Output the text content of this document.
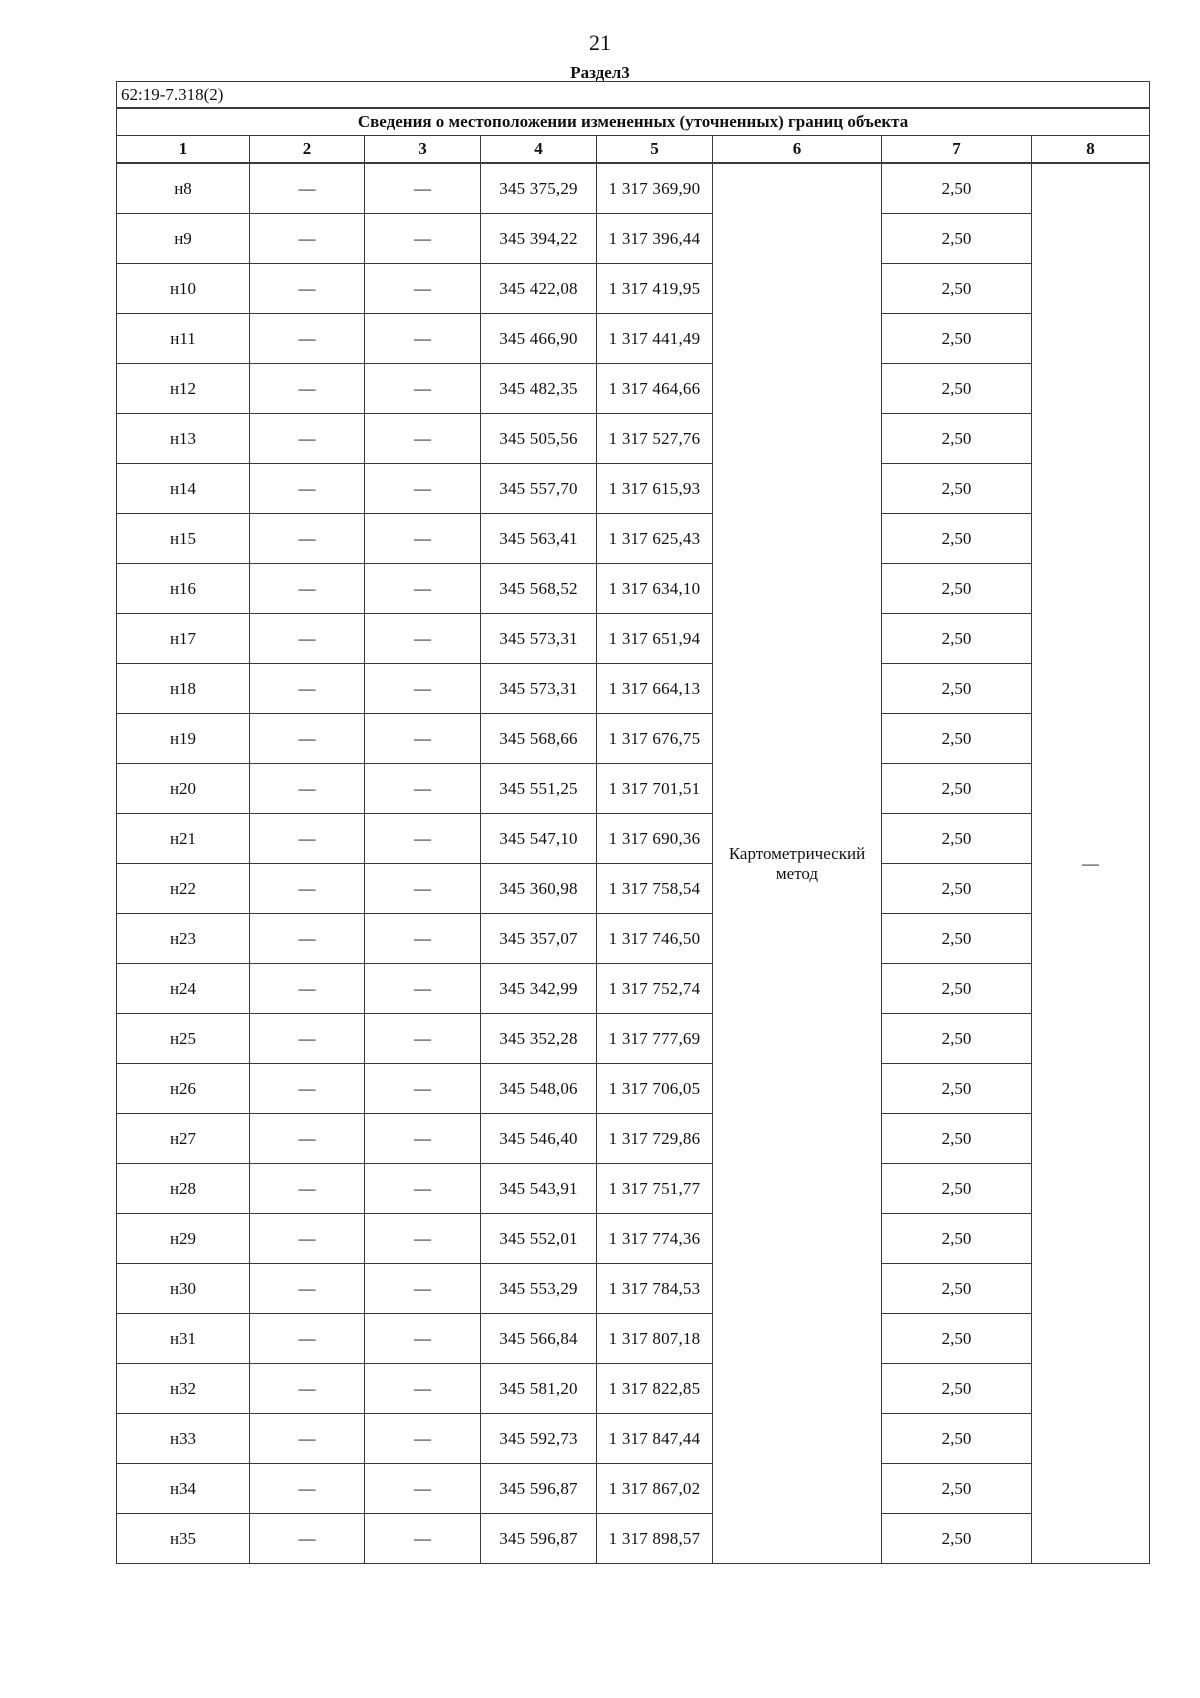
21
Раздел3
62:19-7.318(2)							
Сведения о местоположении измененных (уточненных) границ объекта							
1	2	3	4	5	6	7	8
н8	—	—	345 375,29	1 317 369,90	Картометрический метод	2,50	—
н9	—	—	345 394,22	1 317 396,44		2,50	
н10	—	—	345 422,08	1 317 419,95		2,50	
н11	—	—	345 466,90	1 317 441,49		2,50	
н12	—	—	345 482,35	1 317 464,66		2,50	
н13	—	—	345 505,56	1 317 527,76		2,50	
н14	—	—	345 557,70	1 317 615,93		2,50	
н15	—	—	345 563,41	1 317 625,43		2,50	
н16	—	—	345 568,52	1 317 634,10		2,50	
н17	—	—	345 573,31	1 317 651,94		2,50	
н18	—	—	345 573,31	1 317 664,13		2,50	
н19	—	—	345 568,66	1 317 676,75		2,50	
н20	—	—	345 551,25	1 317 701,51		2,50	
н21	—	—	345 547,10	1 317 690,36		2,50	
н22	—	—	345 360,98	1 317 758,54		2,50	
н23	—	—	345 357,07	1 317 746,50		2,50	
н24	—	—	345 342,99	1 317 752,74		2,50	
н25	—	—	345 352,28	1 317 777,69		2,50	
н26	—	—	345 548,06	1 317 706,05		2,50	
н27	—	—	345 546,40	1 317 729,86		2,50	
н28	—	—	345 543,91	1 317 751,77		2,50	
н29	—	—	345 552,01	1 317 774,36		2,50	
н30	—	—	345 553,29	1 317 784,53		2,50	
н31	—	—	345 566,84	1 317 807,18		2,50	
н32	—	—	345 581,20	1 317 822,85		2,50	
н33	—	—	345 592,73	1 317 847,44		2,50	
н34	—	—	345 596,87	1 317 867,02		2,50	
н35	—	—	345 596,87	1 317 898,57		2,50	
